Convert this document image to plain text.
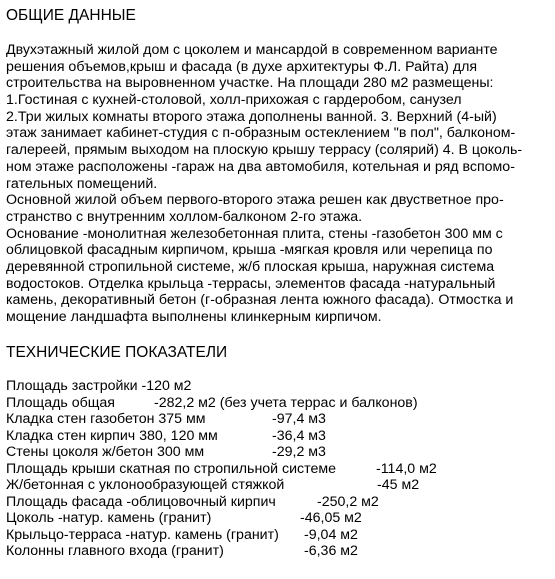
ОБЩИЕ ДАННЫЕ
Двухэтажный жилой дом с цоколем и мансардой в современном варианте
решения объемов,крыш и фасада (в духе архитектуры Ф.Л. Райта) для
строительства на выровненном участке. На площади 280 м2 размещены:
1.Гостиная с кухней-столовой, холл-прихожая с гардеробом, санузел
2.Три жилых комнаты второго этажа дополнены ванной. 3. Верхний (4-ый)
этаж занимает кабинет-студия с п-образным остеклением "в пол", балконом-
галереей, прямым выходом на плоскую крышу террасу (солярий) 4. В цоколь-
ном этаже расположены -гараж на два автомобиля, котельная и ряд вспомо-
гательных помещений.
Основной жилой объем первого-второго этажа решен как двустветное про-
странство с внутренним холлом-балконом 2-го этажа.
Основание -монолитная железобетонная плита, стены -газобетон 300 мм с
облицовкой фасадным кирпичом, крыша -мягкая кровля или черепица по
деревянной стропильной системе, ж/б плоская крыша, наружная система
водостоков. Отделка крыльца -террасы, элементов фасада -натуральный
камень, декоративный бетон (г-образная лента южного фасада). Отмостка и
мощение ландшафта выполнены клинкерным кирпичом.
ТЕХНИЧЕСКИЕ ПОКАЗАТЕЛИ
Площадь застройки -120 м2
Площадь общая	-282,2 м2 (без учета террас и балконов)
Кладка стен газобетон 375 мм	-97,4 м3
Кладка стен кирпич 380, 120 мм	-36,4 м3
Стены цоколя ж/бетон 300 мм	-29,2 м3
Площадь крыши скатная по стропильной системе	-114,0 м2
Ж/бетонная с уклонообразующей стяжкой	-45 м2
Площадь фасада -облицовочный кирпич	-250,2 м2
Цоколь -натур. камень (гранит)	-46,05 м2
Крыльцо-терраса -натур. камень (гранит) -9,04 м2
Колонны главного входа (гранит)	-6,36 м2
